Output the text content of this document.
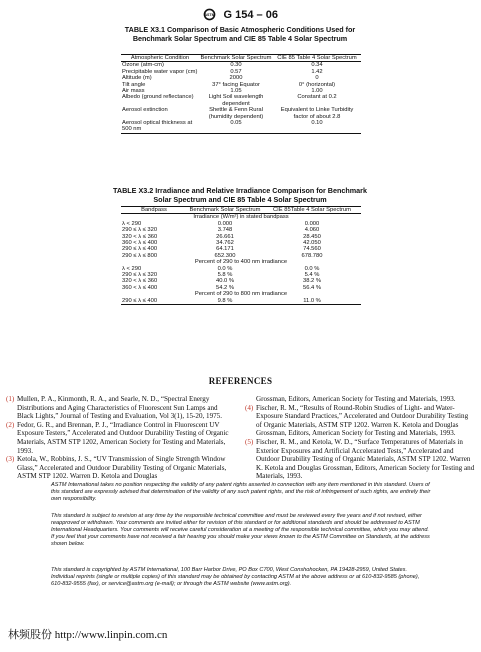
ASTM G 154 – 06
TABLE X3.1 Comparison of Basic Atmospheric Conditions Used for Benchmark Solar Spectrum and CIE 85 Table 4 Solar Spectrum
Atmospheric Condition	Benchmark Solar Spectrum	CIE 85 Table 4 Solar Spectrum
Ozone (atm-cm)	0.30	0.34
Precipitable water vapor (cm)	0.57	1.42
Altitude (m)	2000	0
Tilt angle	37° facing Equator	0° (horizontal)
Air mass	1.05	1.00
Albedo (ground reflectance)	Light Soil wavelength dependent	Constant at 0.2
Aerosol extinction	Shettle & Fenn Rural (humidity dependent)	Equivalent to Linke Turbidity factor of about 2.8
Aerosol optical thickness at 500 nm	0.05	0.10
TABLE X3.2 Irradiance and Relative Irradiance Comparison for Benchmark Solar Spectrum and CIE 85 Table 4 Solar Spectrum
Bandpass	Benchmark Solar Spectrum	CIE 85Table 4 Solar Spectrum
Irradiance (W/m²) in stated bandpass		
λ < 290	0.000	0.000
290 ≤ λ ≤ 320	3.748	4.060
320 < λ ≤ 360	26.661	28.450
360 < λ ≤ 400	34.762	42.050
290 ≤ λ ≤ 400	64.171	74.560
290 ≤ λ ≤ 800	652.300	678.780
Percent of 290 to 400 nm irradiance		
λ < 290	0.0 %	0.0 %
290 ≤ λ ≤ 320	5.8 %	5.4 %
320 < λ ≤ 360	40.0 %	38.2 %
360 < λ ≤ 400	54.2 %	56.4 %
Percent of 290 to 800 nm irradiance		
290 ≤ λ ≤ 400	9.8 %	11.0 %
REFERENCES

(1) Mullen, P. A., Kinmonth, R. A., and Searle, N. D., “Spectral Energy Distributions and Aging Characteristics of Fluorescent Sun Lamps and Black Lights,” Journal of Testing and Evaluation, Vol 3(1), 15-20, 1975.

(2) Fedor, G. R., and Brennan, P. J., “Irradiance Control in Fluorescent UV Exposure Testers,” Accelerated and Outdoor Durability Testing of Organic Materials, ASTM STP 1202, American Society for Testing and Materials, 1993.

(3) Ketola, W., Robbins, J. S., “UV Transmission of Single Strength Window Glass,” Accelerated and Outdoor Durability Testing of Organic Materials, ASTM STP 1202. Warren D. Ketola and Douglas

Grossman, Editors, American Society for Testing and Materials, 1993.

(4) Fischer, R. M., “Results of Round-Robin Studies of Light- and Water-Exposure Standard Practices,” Accelerated and Outdoor Durability Testing of Organic Materials, ASTM STP 1202. Warren K. Ketola and Douglas Grossman, Editors, American Society for Testing and Materials, 1993.

(5) Fischer, R. M., and Ketola, W. D., “Surface Temperatures of Materials in Exterior Exposures and Artificial Accelerated Tests,” Accelerated and Outdoor Durability Testing of Organic Materials, ASTM STP 1202. Warren K. Ketola and Douglas Grossman, Editors, American Society for Testing and Materials, 1993.

ASTM International takes no position respecting the validity of any patent rights asserted in connection with any item mentioned in this standard. Users of this standard are expressly advised that determination of the validity of any such patent rights, and the risk of infringement of such rights, are entirely their own responsibility.

This standard is subject to revision at any time by the responsible technical committee and must be reviewed every five years and if not revised, either reapproved or withdrawn. Your comments are invited either for revision of this standard or for additional standards and should be addressed to ASTM International Headquarters. Your comments will receive careful consideration at a meeting of the responsible technical committee, which you may attend. If you feel that your comments have not received a fair hearing you should make your views known to the ASTM Committee on Standards, at the address shown below.

This standard is copyrighted by ASTM International, 100 Barr Harbor Drive, PO Box C700, West Conshohocken, PA 19428-2959, United States. Individual reprints (single or multiple copies) of this standard may be obtained by contacting ASTM at the above address or at 610-832-9585 (phone), 610-832-9555 (fax), or service@astm.org (e-mail); or through the ASTM website (www.astm.org).

林频股份 http://www.linpin.com.cn
